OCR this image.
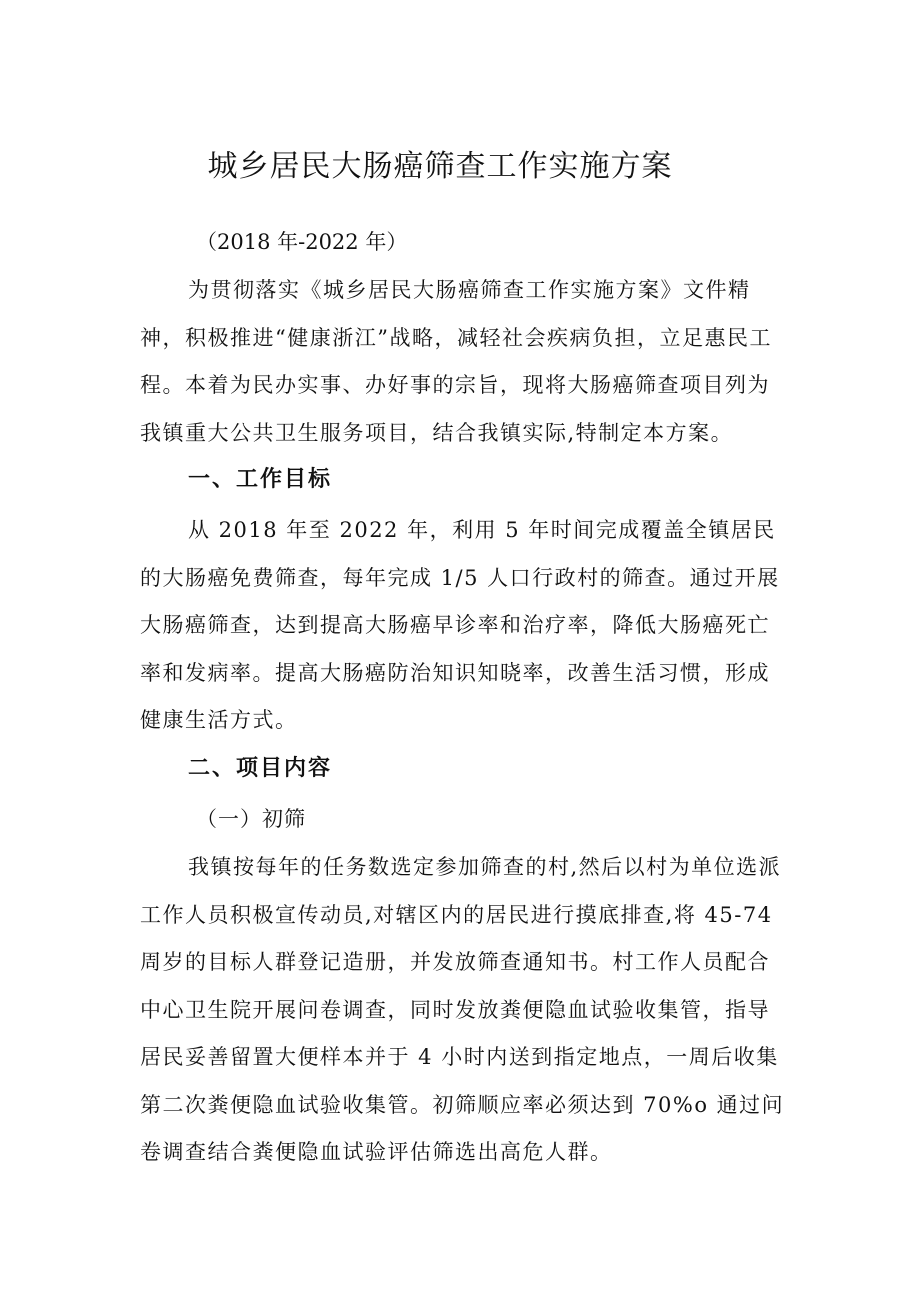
城乡居民大肠癌筛查工作实施方案
（2018 年-2022 年）

为贯彻落实《城乡居民大肠癌筛查工作实施方案》文件精神，积极推进“健康浙江”战略，减轻社会疾病负担，立足惠民工程。本着为民办实事、办好事的宗旨，现将大肠癌筛查项目列为我镇重大公共卫生服务项目，结合我镇实际,特制定本方案。

一、工作目标

从 2018 年至 2022 年，利用 5 年时间完成覆盖全镇居民的大肠癌免费筛查，每年完成 1/5 人口行政村的筛查。通过开展大肠癌筛查，达到提高大肠癌早诊率和治疗率，降低大肠癌死亡率和发病率。提高大肠癌防治知识知晓率，改善生活习惯，形成健康生活方式。

二、项目内容
（一）初筛

我镇按每年的任务数选定参加筛查的村,然后以村为单位选派工作人员积极宣传动员,对辖区内的居民进行摸底排查,将 45-74 周岁的目标人群登记造册，并发放筛查通知书。村工作人员配合中心卫生院开展问卷调查，同时发放粪便隐血试验收集管，指导居民妥善留置大便样本并于 4 小时内送到指定地点，一周后收集第二次粪便隐血试验收集管。初筛顺应率必须达到 70%o 通过问卷调查结合粪便隐血试验评估筛选出高危人群。
